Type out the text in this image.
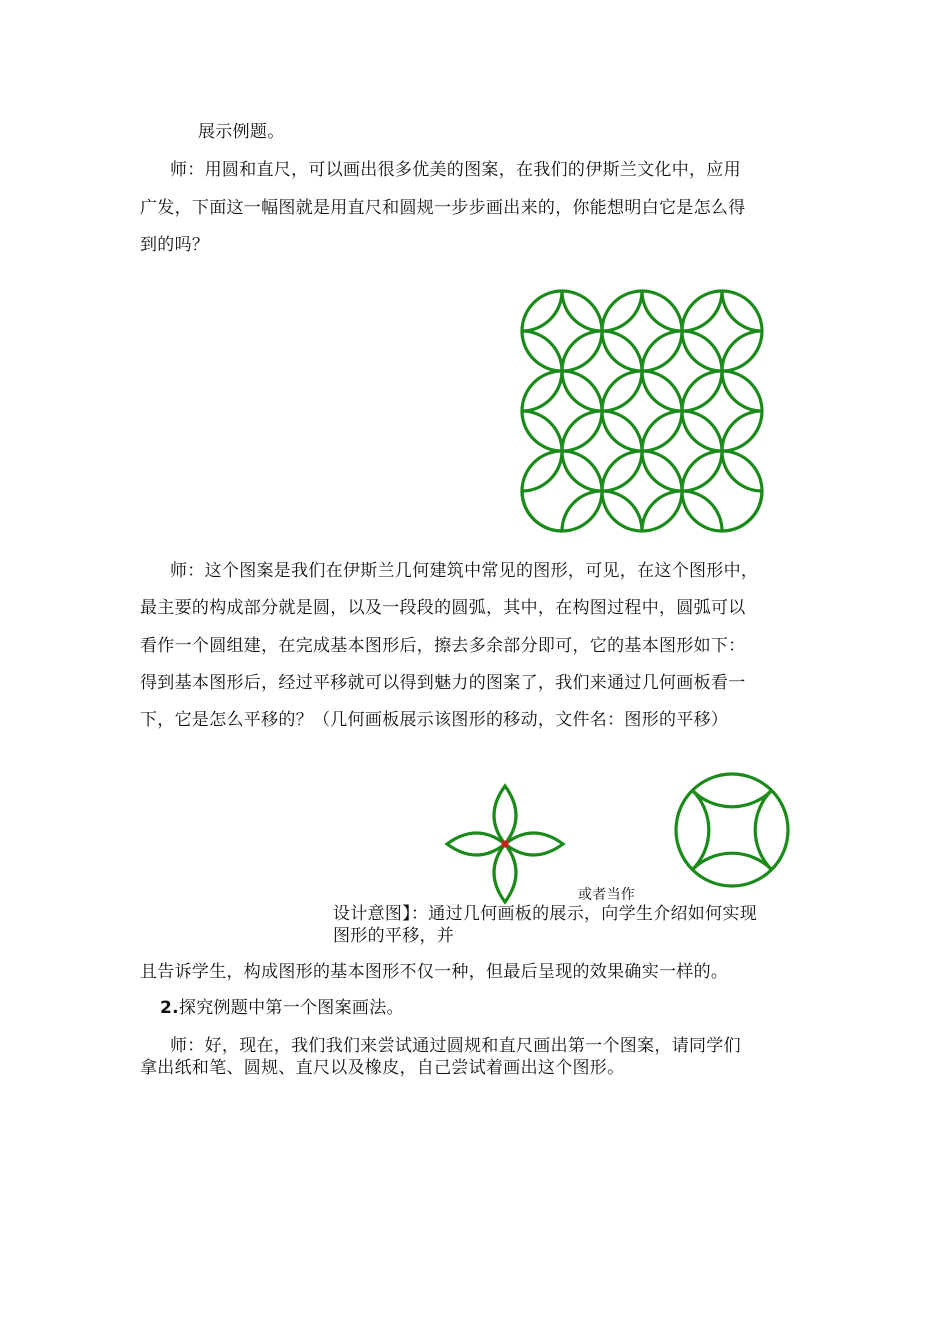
展示例题。
师：用圆和直尺，可以画出很多优美的图案，在我们的伊斯兰文化中，应用
广发，下面这一幅图就是用直尺和圆规一步步画出来的，你能想明白它是怎么得
到的吗？
师：这个图案是我们在伊斯兰几何建筑中常见的图形，可见，在这个图形中，
最主要的构成部分就是圆，以及一段段的圆弧，其中，在构图过程中，圆弧可以
看作一个圆组建，在完成基本图形后，擦去多余部分即可，它的基本图形如下：
得到基本图形后，经过平移就可以得到魅力的图案了，我们来通过几何画板看一
下，它是怎么平移的？（几何画板展示该图形的移动，文件名：图形的平移）
或者当作
设计意图】：通过几何画板的展示，向学生介绍如何实现
图形的平移，并
且告诉学生，构成图形的基本图形不仅一种，但最后呈现的效果确实一样的。
2.探究例题中第一个图案画法。
师：好，现在，我们我们来尝试通过圆规和直尺画出第一个图案，请同学们
拿出纸和笔、圆规、直尺以及橡皮，自己尝试着画出这个图形。
